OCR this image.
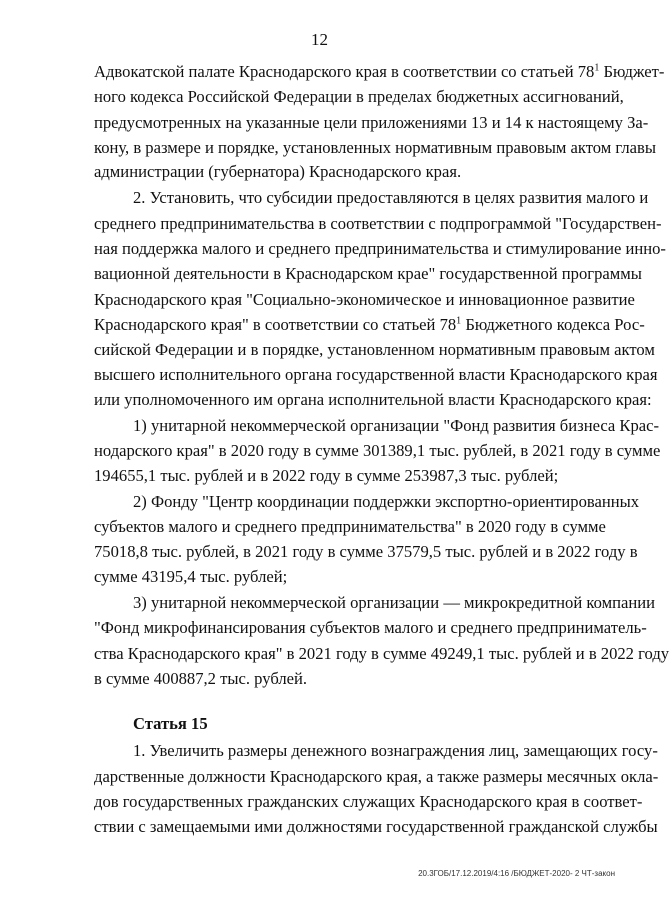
12
Адвокатской палате Краснодарского края в соответствии со статьей $78^1$ Бюджет-
ного кодекса Российской Федерации в пределах бюджетных ассигнований,
предусмотренных на указанные цели приложениями 13 и 14 к настоящему За-
кону, в размере и порядке, установленных нормативным правовым актом главы
администрации (губернатора) Краснодарского края.
2. Установить, что субсидии предоставляются в целях развития малого и
среднего предпринимательства в соответствии с подпрограммой "Государствен-
ная поддержка малого и среднего предпринимательства и стимулирование инно-
вационной деятельности в Краснодарском крае" государственной программы
Краснодарского края "Социально-экономическое и инновационное развитие
Краснодарского края" в соответствии со статьей $78^1$ Бюджетного кодекса Рос-
сийской Федерации и в порядке, установленном нормативным правовым актом
высшего исполнительного органа государственной власти Краснодарского края
или уполномоченного им органа исполнительной власти Краснодарского края:
1) унитарной некоммерческой организации "Фонд развития бизнеса Крас-
нодарского края" в 2020 году в сумме 301389,1 тыс. рублей, в 2021 году в сумме
194655,1 тыс. рублей и в 2022 году в сумме 253987,3 тыс. рублей;
2) Фонду "Центр координации поддержки экспортно-ориентированных
субъектов малого и среднего предпринимательства" в 2020 году в сумме
75018,8 тыс. рублей, в 2021 году в сумме 37579,5 тыс. рублей и в 2022 году в
сумме 43195,4 тыс. рублей;
3) унитарной некоммерческой организации — микрокредитной компании
"Фонд микрофинансирования субъектов малого и среднего предприниматель-
ства Краснодарского края" в 2021 году в сумме 49249,1 тыс. рублей и в 2022 году
в сумме 400887,2 тыс. рублей.
Статья 15
1. Увеличить размеры денежного вознаграждения лиц, замещающих госу-
дарственные должности Краснодарского края, а также размеры месячных окла-
дов государственных гражданских служащих Краснодарского края в соответ-
ствии с замещаемыми ими должностями государственной гражданской службы
20.3ГОБ/17.12.2019/4:16 /БЮДЖЕТ-2020- 2 ЧТ-закон
